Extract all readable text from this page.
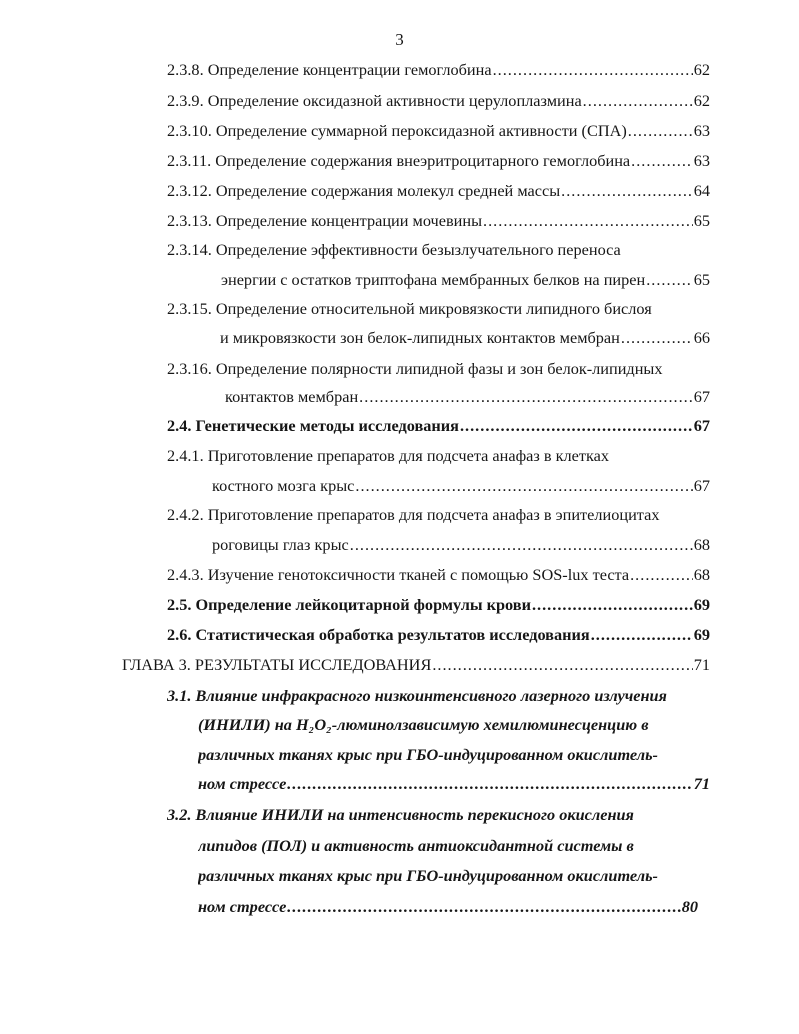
3
2.3.8. Определение концентрации гемоглобина .....	62
2.3.9. Определение оксидазной активности церулоплазмина .....	62
2.3.10. Определение суммарной пероксидазной активности (СПА) .....	63
2.3.11. Определение содержания внеэритроцитарного гемоглобина .....	63
2.3.12. Определение содержания молекул средней массы .....	64
2.3.13. Определение концентрации мочевины .....	65
2.3.14. Определение эффективности безызлучательного переноса
энергии с остатков триптофана мембранных белков на пирен .....	65
2.3.15. Определение относительной микровязкости липидного бислоя
и микровязкости зон белок-липидных контактов мембран .....	66
2.3.16. Определение полярности липидной фазы и зон белок-липидных
контактов мембран .....	67
2.4. Генетические методы исследования .....	67
2.4.1. Приготовление препаратов для подсчета анафаз в клетках
костного мозга крыс .....	67
2.4.2. Приготовление препаратов для подсчета анафаз в эпителиоцитах
роговицы глаз крыс .....	68
2.4.3. Изучение генотоксичности тканей с помощью SOS-lux теста .....	68
2.5. Определение лейкоцитарной формулы крови .....	69
2.6. Статистическая обработка результатов исследования .....	69
ГЛАВА 3. РЕЗУЛЬТАТЫ ИССЛЕДОВАНИЯ .....	71
3.1. Влияние инфракрасного низкоинтенсивного лазерного излучения
(ИНИЛИ) на H₂O₂-люминолзависимую хемилюминесценцию в
различных тканях крыс при ГБО-индуцированном окислитель-
ном стрессе .....	71
3.2. Влияние ИНИЛИ на интенсивность перекисного окисления
липидов (ПОЛ) и активность антиоксидантной системы в
различных тканях крыс при ГБО-индуцированном окислитель-
ном стрессе .....	80
